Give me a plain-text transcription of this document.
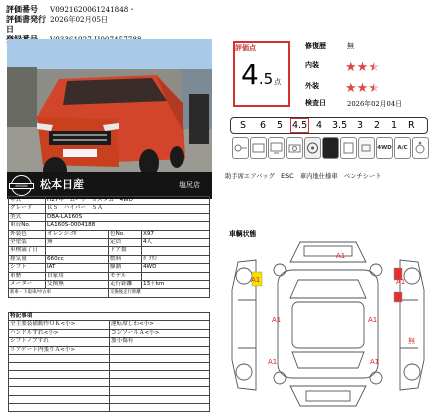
評価番号	V0921620061241848・
評価書発行日
2026年02月05日
NISSAN	松本日産	塩尻店
評価点
4.5点
修復歴	無
内装 ★★★
外装 ★★★
検査日	2026年02月04日
S 6 5 4.5 4 3.5 3 2 1 R
4WD	A/C
助手席エアバッグ　ESC　車内地仕様車　ベンチシート
年式	H27年　ムーヴ　カスタム　4WD		
グレード	ＲＳ　ハイパー　ＳＡ		
型式	DBA-LA160S		
車台No.	LA160S-0004188		
外装色	オレンジ:ｸﾛ	色No.	X97
全塗装	無	定員	4人
車検満了日		ドア数	
排気量	660cc	燃料	ｶﾞｿﾘﾝ
シフト	IAT	駆動	4WD
車歴	自家用	モデル	
メーター	交換無	走行距離	13千km
新車・下取車/中古車		交換後走行距離	
特記事項	
全主要装備動作ＯＫ<小>	運転席しわ<小>
ハンドルすれ<小>	コンソールＡ<小>
シフトノブすれ	加小傷有
リアゲート内張りＡ<小>	

車輌状態
A1
A1	A1
A1	A1
A1	A1
無
